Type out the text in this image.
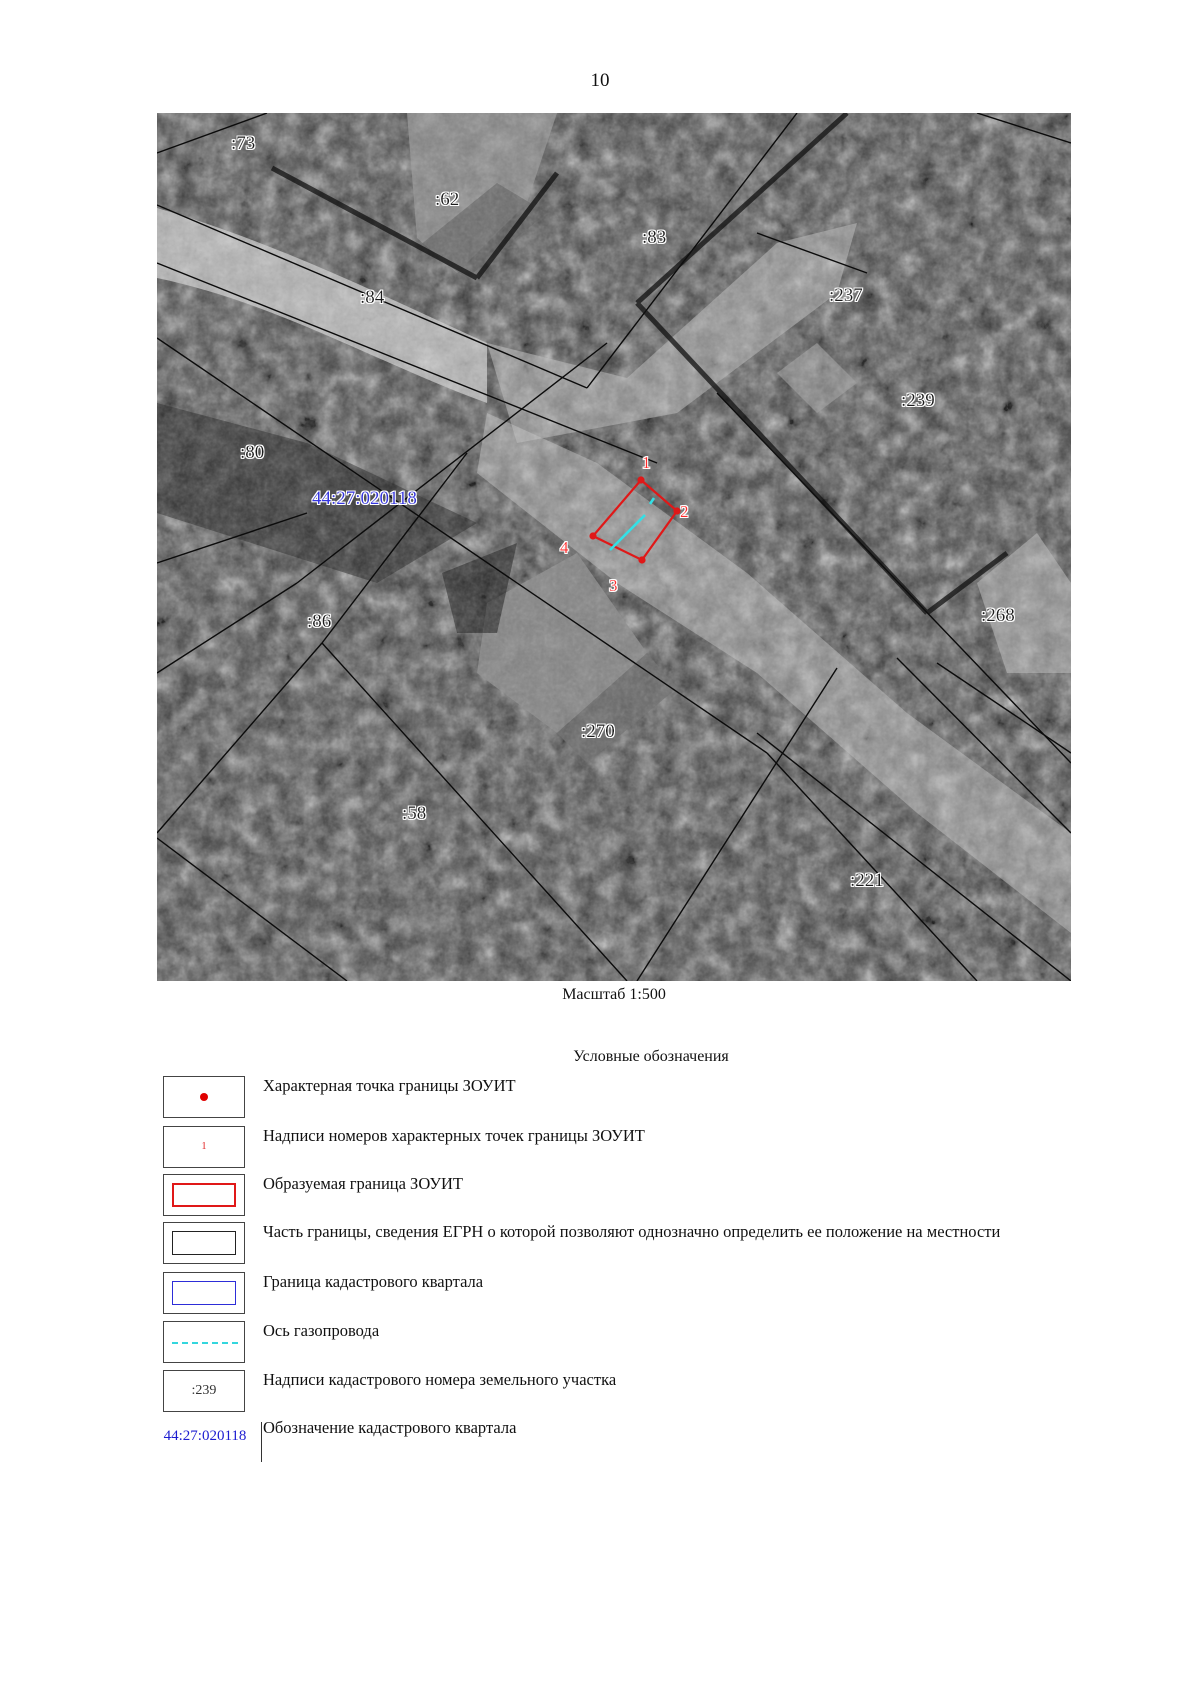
10
1
2
3
4
:73
:62
:83
:84	:237
:239
:80
:86	:268
:270
:58
:221
44:27:020118
Масштаб 1:500
Условные обозначения
Характерная точка границы ЗОУИТ
1
Надписи номеров характерных точек границы ЗОУИТ
Образуемая граница ЗОУИТ
Часть границы, сведения ЕГРН о которой позволяют однозначно определить ее положение на местности
Граница кадастрового квартала
Ось газопровода
:239
Надписи кадастрового номера земельного участка
44:27:020118	Обозначение кадастрового квартала
